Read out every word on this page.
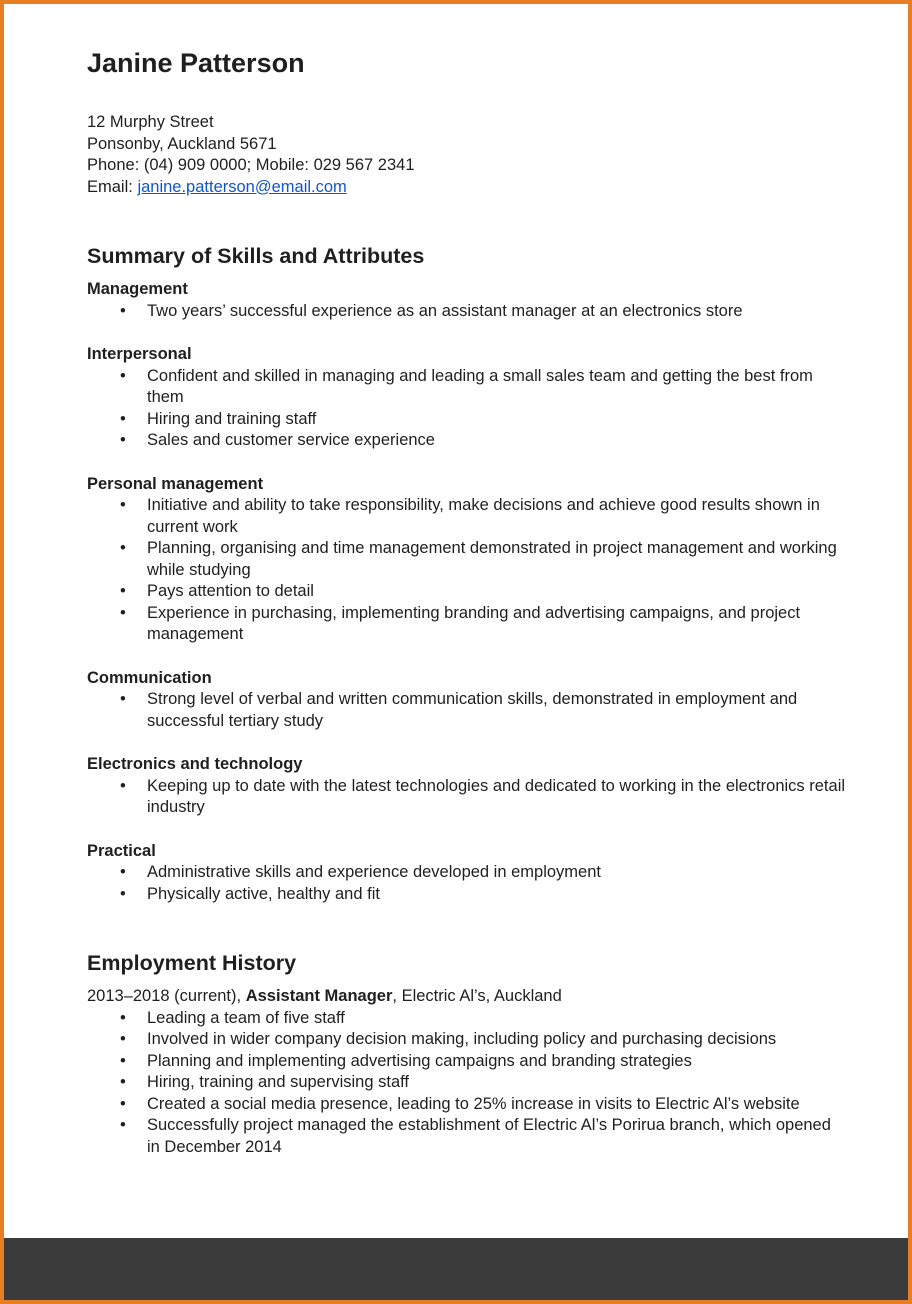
Janine Patterson

12 Murphy Street

Ponsonby, Auckland 5671

Phone: (04) 909 0000; Mobile: 029 567 2341

Email: janine.patterson@email.com

Summary of Skills and Attributes
Management
• Two years’ successful experience as an assistant manager at an electronics store
Interpersonal
• Confident and skilled in managing and leading a small sales team and getting the best from them
• Hiring and training staff
• Sales and customer service experience
Personal management
• Initiative and ability to take responsibility, make decisions and achieve good results shown in current work
• Planning, organising and time management demonstrated in project management and working while studying
• Pays attention to detail
• Experience in purchasing, implementing branding and advertising campaigns, and project management
Communication
• Strong level of verbal and written communication skills, demonstrated in employment and successful tertiary study
Electronics and technology
• Keeping up to date with the latest technologies and dedicated to working in the electronics retail industry
Practical
• Administrative skills and experience developed in employment
• Physically active, healthy and fit
Employment History

2013–2018 (current), Assistant Manager, Electric Al’s, Auckland

• Leading a team of five staff
• Involved in wider company decision making, including policy and purchasing decisions
• Planning and implementing advertising campaigns and branding strategies
• Hiring, training and supervising staff
• Created a social media presence, leading to 25% increase in visits to Electric Al’s website
• Successfully project managed the establishment of Electric Al’s Porirua branch, which opened in December 2014
